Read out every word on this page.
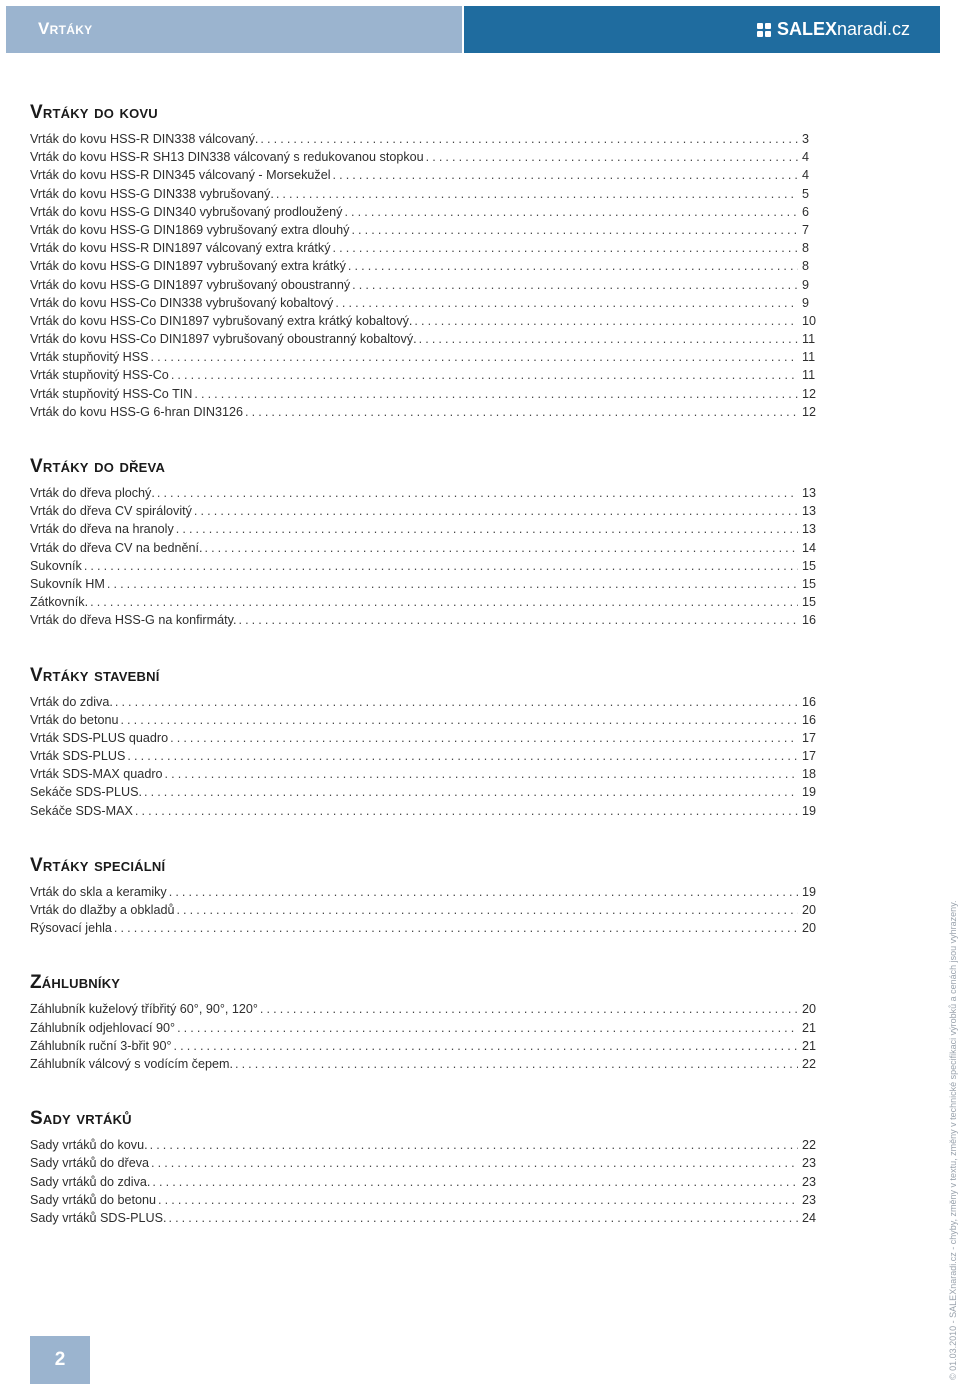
Vrtáky	SALEX naradi.cz
Vrtáky do kovu
Vrták do kovu HSS-R DIN338 válcovaný. .....	3
Vrták do kovu HSS-R SH13 DIN338 válcovaný s redukovanou stopkou .....	4
Vrták do kovu HSS-R DIN345 válcovaný - Morsekužel .....	4
Vrták do kovu HSS-G DIN338 vybrušovaný. .....	5
Vrták do kovu HSS-G DIN340 vybrušovaný prodloužený .....	6
Vrták do kovu HSS-G DIN1869 vybrušovaný extra dlouhý .....	7
Vrták do kovu HSS-R DIN1897 válcovaný extra krátký .....	8
Vrták do kovu HSS-G DIN1897 vybrušovaný extra krátký .....	8
Vrták do kovu HSS-G DIN1897 vybrušovaný oboustranný .....	9
Vrták do kovu HSS-Co DIN338 vybrušovaný kobaltový .....	9
Vrták do kovu HSS-Co DIN1897 vybrušovaný extra krátký kobaltový. .....	10
Vrták do kovu HSS-Co DIN1897 vybrušovaný oboustranný kobaltový. .....	11
Vrták stupňovitý HSS .....	11
Vrták stupňovitý HSS-Co .....	11
Vrták stupňovitý HSS-Co TIN .....	12
Vrták do kovu HSS-G 6-hran DIN3126 .....	12
Vrtáky do dřeva
Vrták do dřeva plochý. .....	13
Vrták do dřeva CV spirálovitý .....	13
Vrták do dřeva na hranoly .....	13
Vrták do dřeva CV na bednění. .....	14
Sukovník .....	15
Sukovník HM .....	15
Zátkovník. .....	15
Vrták do dřeva HSS-G na konfirmáty. .....	16
Vrtáky stavební
Vrták do zdiva. .....	16
Vrták do betonu .....	16
Vrták SDS-PLUS quadro .....	17
Vrták SDS-PLUS .....	17
Vrták SDS-MAX quadro .....	18
Sekáče SDS-PLUS. .....	19
Sekáče SDS-MAX .....	19
Vrtáky speciální
Vrták do skla a keramiky .....	19
Vrták do dlažby a obkladů .....	20
Rýsovací jehla .....	20
Záhlubníky
Záhlubník kuželový tříbřitý 60°, 90°, 120° .....	20
Záhlubník odjehlovací 90° .....	21
Záhlubník ruční 3-břit 90° .....	21
Záhlubník válcový s vodícím čepem. .....	22
Sady vrtáků
Sady vrtáků do kovu. .....	22
Sady vrtáků do dřeva .....	23
Sady vrtáků do zdiva. .....	23
Sady vrtáků do betonu .....	23
Sady vrtáků SDS-PLUS. .....	24
2	© 01.03.2010 - SALEXnaradi.cz - chyby, změny v textu, změny v technické specifikaci výrobků a cenách jsou vyhrazeny.
